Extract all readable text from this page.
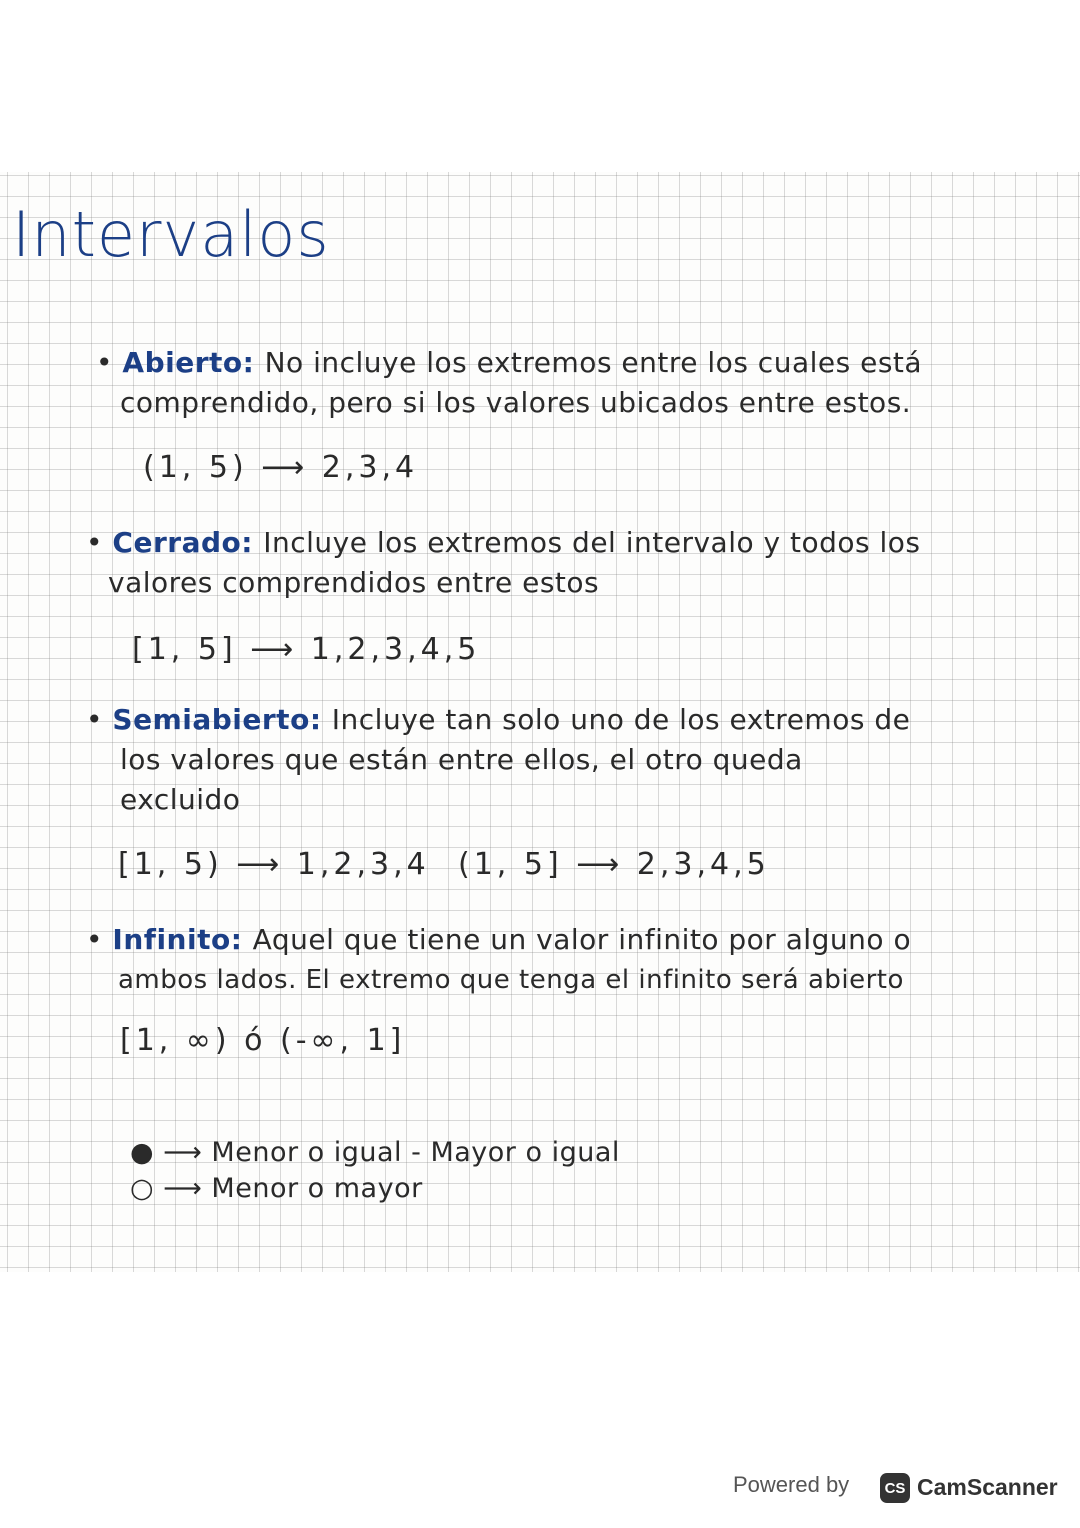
Intervalos
• Abierto: No incluye los extremos entre los cuales está
comprendido, pero si los valores ubicados entre estos.
(1, 5) ⟶ 2,3,4
• Cerrado: Incluye los extremos del intervalo y todos los
valores comprendidos entre estos
[1, 5] ⟶ 1,2,3,4,5
• Semiabierto: Incluye tan solo uno de los extremos de
los valores que están entre ellos, el otro queda
excluido
[1, 5) ⟶ 1,2,3,4 (1, 5] ⟶ 2,3,4,5
• Infinito: Aquel que tiene un valor infinito por alguno o
ambos lados. El extremo que tenga el infinito será abierto
[1, ∞) ó (-∞, 1]
● ⟶ Menor o igual - Mayor o igual
○ ⟶ Menor o mayor
Powered by	CS CamScanner
